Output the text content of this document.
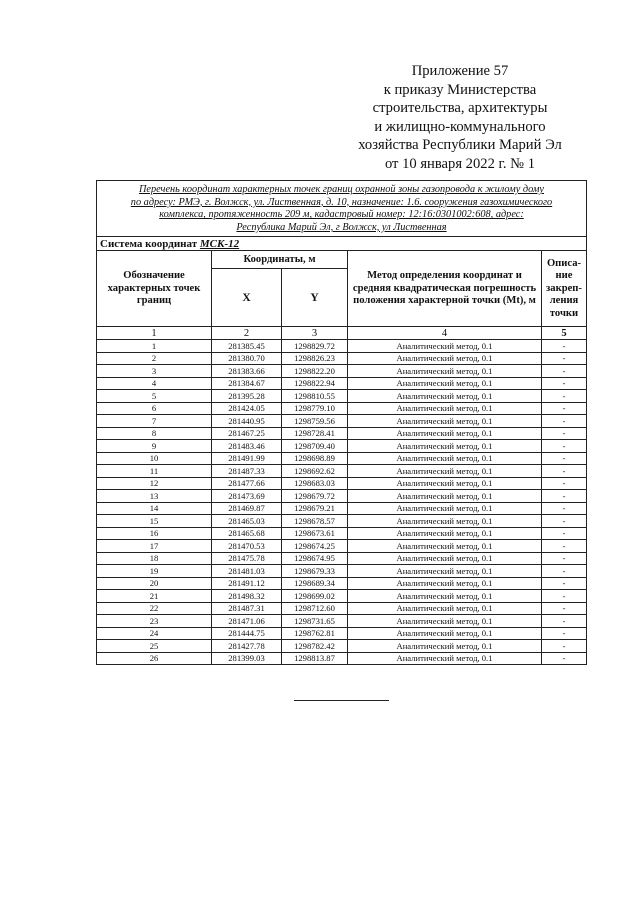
Приложение 57
к приказу Министерства
строительства, архитектуры
и жилищно-коммунального
хозяйства Республики Марий Эл
от 10 января 2022 г. № 1
Перечень координат характерных точек границ охранной зоны газопровода к жилому дому
по адресу: РМЭ, г. Волжск, ул. Лиственная, д. 10, назначение: 1.6. сооружения газохимического
комплекса, протяженность 209 м, кадастровый номер: 12:16:0301002:608, адрес:
Республика Марий Эл, г Волжск, ул Лиственная				

Система координат МСК-12				
Обозначение характерных точек границ	Координаты, м		Метод определения координат и средняя квадратическая погрешность положения характерной точки (Mt), м	Описа-ние закреп-ления точки
	X	Y		
1	2	3	4	5
1	281385.45	1298829.72	Аналитический метод, 0.1	-
2	281380.70	1298826.23	Аналитический метод, 0.1	-
3	281383.66	1298822.20	Аналитический метод, 0.1	-
4	281384.67	1298822.94	Аналитический метод, 0.1	-
5	281395.28	1298810.55	Аналитический метод, 0.1	-
6	281424.05	1298779.10	Аналитический метод, 0.1	-
7	281440.95	1298759.56	Аналитический метод, 0.1	-
8	281467.25	1298728.41	Аналитический метод, 0.1	-
9	281483.46	1298709.40	Аналитический метод, 0.1	-
10	281491.99	1298698.89	Аналитический метод, 0.1	-
11	281487.33	1298692.62	Аналитический метод, 0.1	-
12	281477.66	1298683.03	Аналитический метод, 0.1	-
13	281473.69	1298679.72	Аналитический метод, 0.1	-
14	281469.87	1298679.21	Аналитический метод, 0.1	-
15	281465.03	1298678.57	Аналитический метод, 0.1	-
16	281465.68	1298673.61	Аналитический метод, 0.1	-
17	281470.53	1298674.25	Аналитический метод, 0.1	-
18	281475.78	1298674.95	Аналитический метод, 0.1	-
19	281481.03	1298679.33	Аналитический метод, 0.1	-
20	281491.12	1298689.34	Аналитический метод, 0.1	-
21	281498.32	1298699.02	Аналитический метод, 0.1	-
22	281487.31	1298712.60	Аналитический метод, 0.1	-
23	281471.06	1298731.65	Аналитический метод, 0.1	-
24	281444.75	1298762.81	Аналитический метод, 0.1	-
25	281427.78	1298782.42	Аналитический метод, 0.1	-
26	281399.03	1298813.87	Аналитический метод, 0.1	-
